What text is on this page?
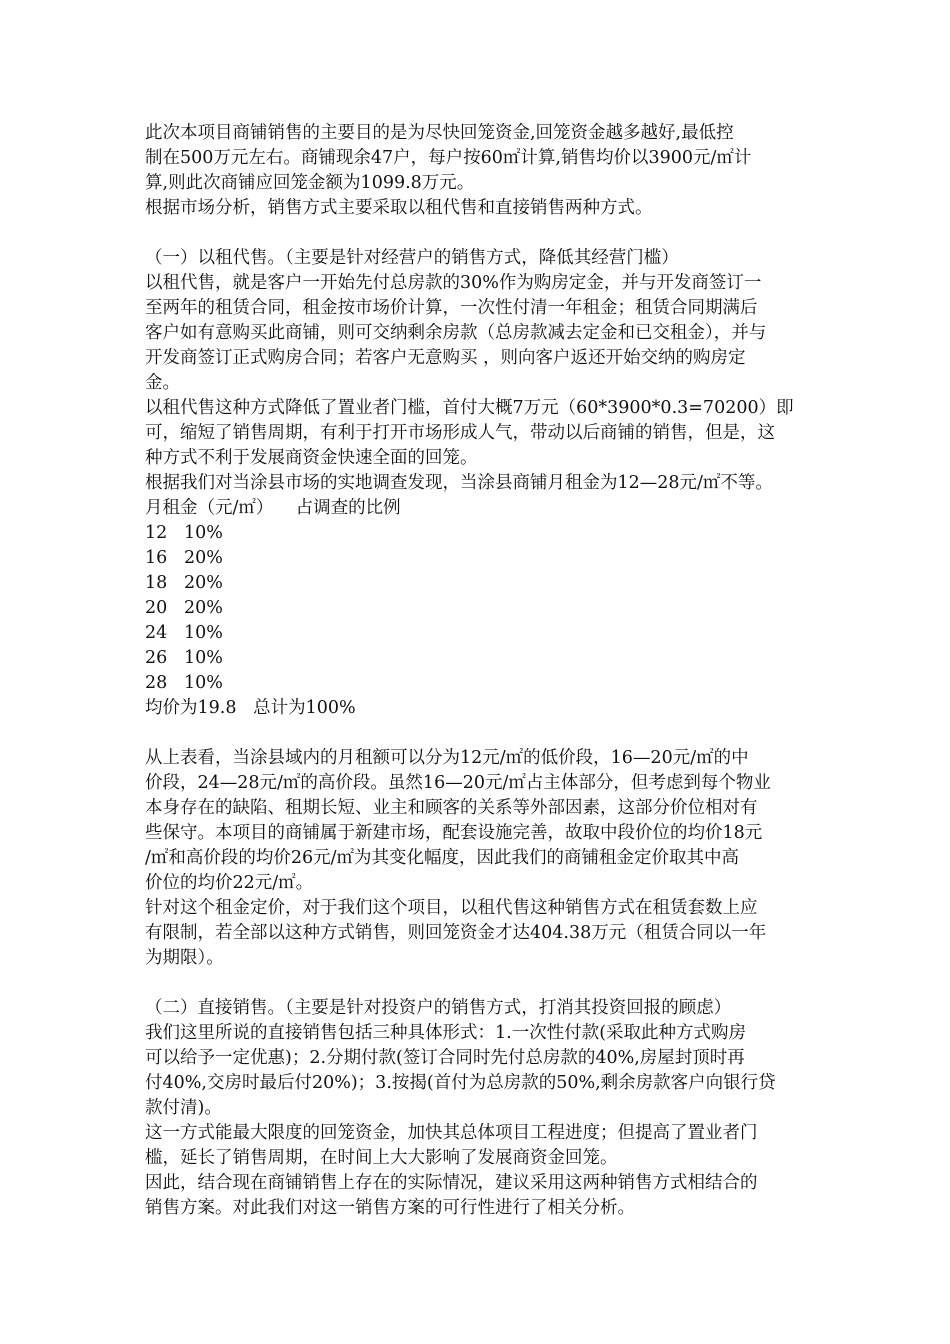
此次本项目商铺销售的主要目的是为尽快回笼资金,回笼资金越多越好,最低控
制在500万元左右。商铺现余47户，每户按60㎡计算,销售均价以3900元/㎡计
算,则此次商铺应回笼金额为1099.8万元。
根据市场分析，销售方式主要采取以租代售和直接销售两种方式。
（一）以租代售。（主要是针对经营户的销售方式，降低其经营门槛）
以租代售，就是客户一开始先付总房款的30%作为购房定金，并与开发商签订一
至两年的租赁合同，租金按市场价计算，一次性付清一年租金；租赁合同期满后
客户如有意购买此商铺，则可交纳剩余房款（总房款减去定金和已交租金），并与
开发商签订正式购房合同；若客户无意购买 ，则向客户返还开始交纳的购房定
金。
以租代售这种方式降低了置业者门槛，首付大概7万元（60*3900*0.3=70200）即
可，缩短了销售周期，有利于打开市场形成人气，带动以后商铺的销售，但是，这
种方式不利于发展商资金快速全面的回笼。
根据我们对当涂县市场的实地调查发现，当涂县商铺月租金为12—28元/㎡不等。
月租金（元/㎡）    占调查的比例
12   10%
16   20%
18   20%
20   20%
24   10%
26   10%
28   10%
均价为19.8   总计为100%
从上表看，当涂县域内的月租额可以分为12元/㎡的低价段，16—20元/㎡的中
价段，24—28元/㎡的高价段。虽然16—20元/㎡占主体部分，但考虑到每个物业
本身存在的缺陷、租期长短、业主和顾客的关系等外部因素，这部分价位相对有
些保守。本项目的商铺属于新建市场，配套设施完善，故取中段价位的均价18元
/㎡和高价段的均价26元/㎡为其变化幅度，因此我们的商铺租金定价取其中高
价位的均价22元/㎡。
针对这个租金定价，对于我们这个项目，以租代售这种销售方式在租赁套数上应
有限制，若全部以这种方式销售，则回笼资金才达404.38万元（租赁合同以一年
为期限）。
（二）直接销售。（主要是针对投资户的销售方式，打消其投资回报的顾虑）
我们这里所说的直接销售包括三种具体形式：1.一次性付款(采取此种方式购房
可以给予一定优惠)；2.分期付款(签订合同时先付总房款的40%,房屋封顶时再
付40%,交房时最后付20%)；3.按揭(首付为总房款的50%,剩余房款客户向银行贷
款付清)。
这一方式能最大限度的回笼资金，加快其总体项目工程进度；但提高了置业者门
槛，延长了销售周期，在时间上大大影响了发展商资金回笼。
因此，结合现在商铺销售上存在的实际情况，建议采用这两种销售方式相结合的
销售方案。对此我们对这一销售方案的可行性进行了相关分析。
